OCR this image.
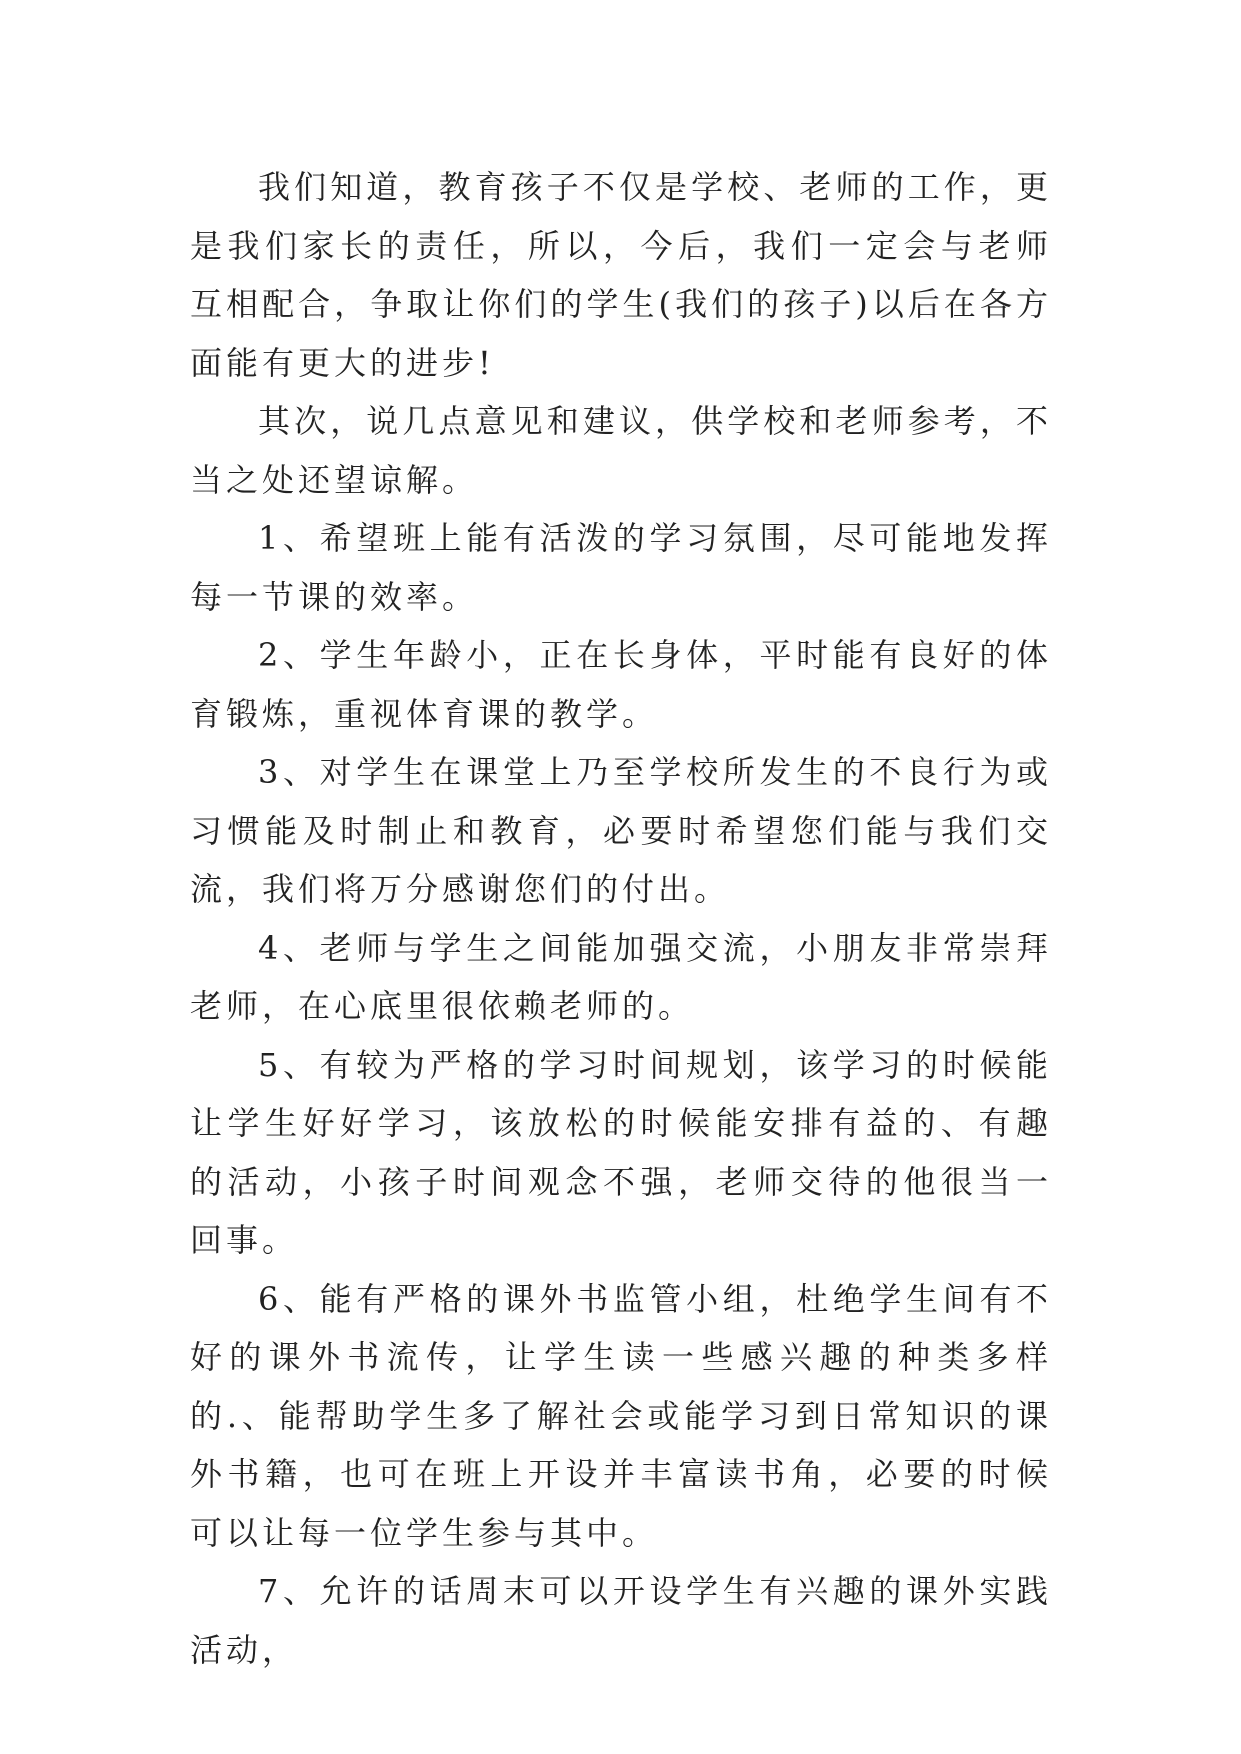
我们知道，教育孩子不仅是学校、老师的工作，更是我们家长的责任，所以，今后，我们一定会与老师互相配合，争取让你们的学生(我们的孩子)以后在各方面能有更大的进步!

其次，说几点意见和建议，供学校和老师参考，不当之处还望谅解。

1、希望班上能有活泼的学习氛围，尽可能地发挥每一节课的效率。

2、学生年龄小，正在长身体，平时能有良好的体育锻炼，重视体育课的教学。

3、对学生在课堂上乃至学校所发生的不良行为或习惯能及时制止和教育，必要时希望您们能与我们交流，我们将万分感谢您们的付出。

4、老师与学生之间能加强交流，小朋友非常崇拜老师，在心底里很依赖老师的。

5、有较为严格的学习时间规划，该学习的时候能让学生好好学习，该放松的时候能安排有益的、有趣的活动，小孩子时间观念不强，老师交待的他很当一回事。

6、能有严格的课外书监管小组，杜绝学生间有不好的课外书流传，让学生读一些感兴趣的种类多样的.、能帮助学生多了解社会或能学习到日常知识的课外书籍，也可在班上开设并丰富读书角，必要的时候可以让每一位学生参与其中。

7、允许的话周末可以开设学生有兴趣的课外实践活动，
